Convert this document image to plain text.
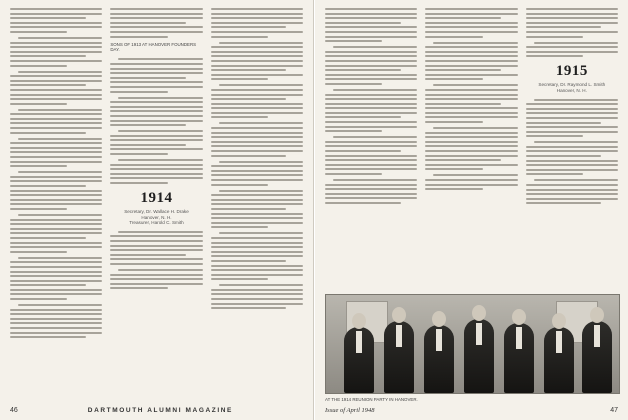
SONS OF 1913 AT HANOVER FOUNDERS DAY.
1914
Secretary, Dr. Wallace H. Drake
Hanover, N. H.
Treasurer, Harold C. Smith
46	DARTMOUTH ALUMNI MAGAZINE
1915
Secretary, Dr. Raymond L. Smith
Hanover, N. H.
AT THE 1914 REUNION PARTY IN HANOVER.
Issue of April 1948	47
